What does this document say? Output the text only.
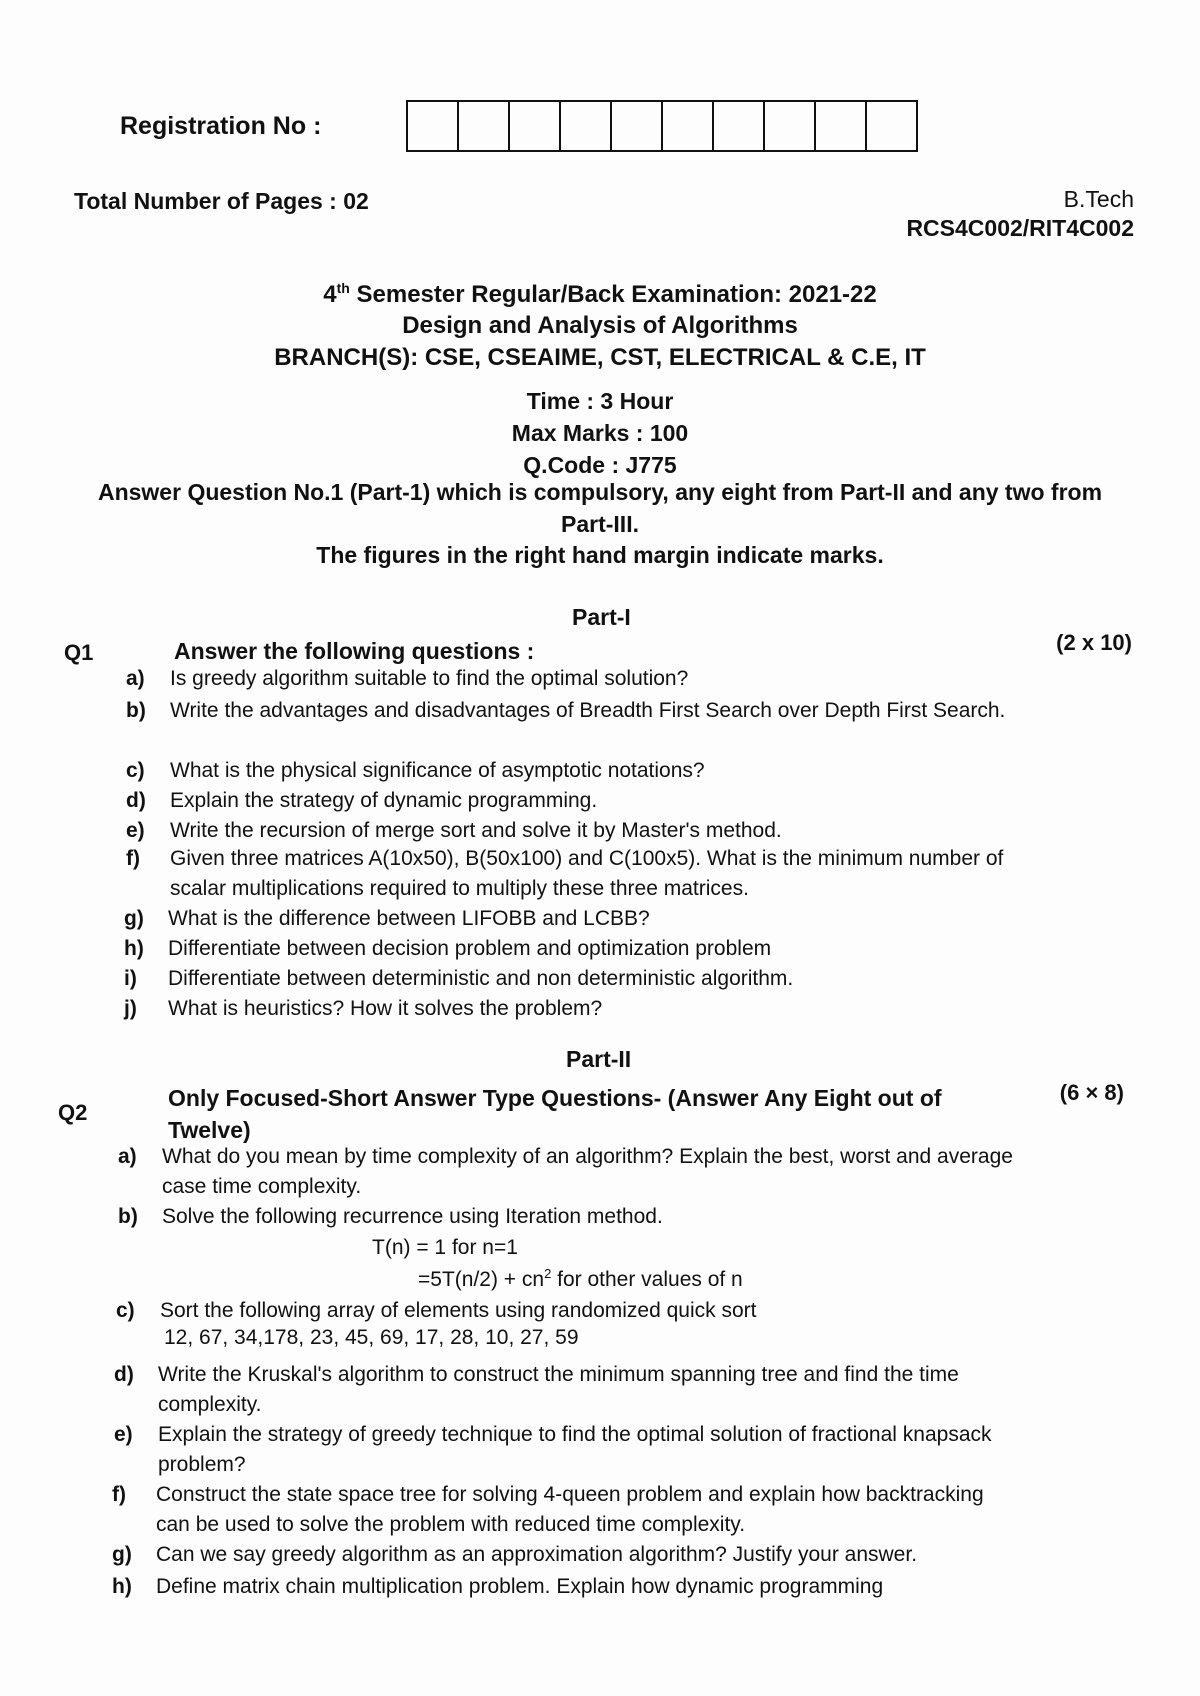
Registration No :
Total Number of Pages : 02	B.Tech
RCS4C002/RIT4C002
4th Semester Regular/Back Examination: 2021-22
Design and Analysis of Algorithms
BRANCH(S): CSE, CSEAIME, CST, ELECTRICAL & C.E, IT
Time : 3 Hour
Max Marks : 100
Q.Code : J775
Answer Question No.1 (Part-1) which is compulsory, any eight from Part-II and any two from Part-III.
The figures in the right hand margin indicate marks.
Part-I
Q1	Answer the following questions :	(2 x 10)
a)	Is greedy algorithm suitable to find the optimal solution?
b)	Write the advantages and disadvantages of Breadth First Search over Depth First Search.
c)	What is the physical significance of asymptotic notations?
d)	Explain the strategy of dynamic programming.
e)	Write the recursion of merge sort and solve it by Master's method.
f)	Given three matrices A(10x50), B(50x100) and C(100x5). What is the minimum number of scalar multiplications required to multiply these three matrices.
g)	What is the difference between LIFOBB and LCBB?
h)	Differentiate between decision problem and optimization problem
i)	Differentiate between deterministic and non deterministic algorithm.
j)	What is heuristics? How it solves the problem?
Part-II
Q2
Only Focused-Short Answer Type Questions- (Answer Any Eight out of Twelve)
(6 × 8)
a)	What do you mean by time complexity of an algorithm? Explain the best, worst and average case time complexity.
b)	Solve the following recurrence using Iteration method.
T(n) = 1 for n=1
$=5T(n/2) + cn^2$ for other values of n
c)	Sort the following array of elements using randomized quick sort
12, 67, 34,178, 23, 45, 69, 17, 28, 10, 27, 59
d)	Write the Kruskal's algorithm to construct the minimum spanning tree and find the time complexity.
e)	Explain the strategy of greedy technique to find the optimal solution of fractional knapsack problem?
f)	Construct the state space tree for solving 4-queen problem and explain how backtracking can be used to solve the problem with reduced time complexity.
g)	Can we say greedy algorithm as an approximation algorithm? Justify your answer.
h)	Define matrix chain multiplication problem. Explain how dynamic programming
